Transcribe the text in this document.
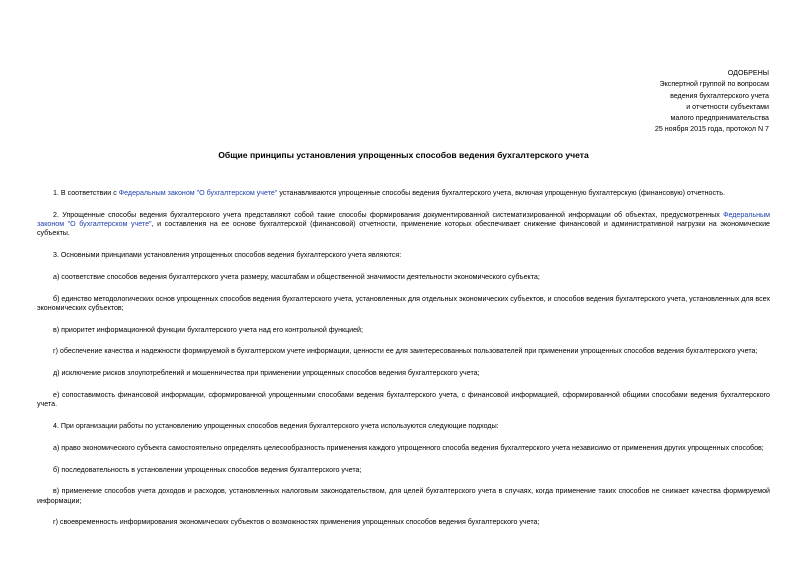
ОДОБРЕНЫ
Экспертной группой по вопросам
ведения бухгалтерского учета
и отчетности субъектами
малого предпринимательства
25 ноября 2015 года, протокол N 7
Общие принципы установления упрощенных способов ведения бухгалтерского учета

1. В соответствии с Федеральным законом "О бухгалтерском учете" устанавливаются упрощенные способы ведения бухгалтерского учета, включая упрощенную бухгалтерскую (финансовую) отчетность.

2. Упрощенные способы ведения бухгалтерского учета представляют собой такие способы формирования документированной систематизированной информации об объектах, предусмотренных Федеральным законом "О бухгалтерском учете", и составления на ее основе бухгалтерской (финансовой) отчетности, применение которых обеспечивает снижение финансовой и административной нагрузки на экономические субъекты.

3. Основными принципами установления упрощенных способов ведения бухгалтерского учета являются:

а) соответствие способов ведения бухгалтерского учета размеру, масштабам и общественной значимости деятельности экономического субъекта;

б) единство методологических основ упрощенных способов ведения бухгалтерского учета, установленных для отдельных экономических субъектов, и способов ведения бухгалтерского учета, установленных для всех экономических субъектов;

в) приоритет информационной функции бухгалтерского учета над его контрольной функцией;

г) обеспечение качества и надежности формируемой в бухгалтерском учете информации, ценности ее для заинтересованных пользователей при применении упрощенных способов ведения бухгалтерского учета;

д) исключение рисков злоупотреблений и мошенничества при применении упрощенных способов ведения бухгалтерского учета;

е) сопоставимость финансовой информации, сформированной упрощенными способами ведения бухгалтерского учета, с финансовой информацией, сформированной общими способами ведения бухгалтерского учета.

4. При организации работы по установлению упрощенных способов ведения бухгалтерского учета используются следующие подходы:

а) право экономического субъекта самостоятельно определять целесообразность применения каждого упрощенного способа ведения бухгалтерского учета независимо от применения других упрощенных способов;

б) последовательность в установлении упрощенных способов ведения бухгалтерского учета;

в) применение способов учета доходов и расходов, установленных налоговым законодательством, для целей бухгалтерского учета в случаях, когда применение таких способов не снижает качества формируемой информации;

г) своевременность информирования экономических субъектов о возможностях применения упрощенных способов ведения бухгалтерского учета;
